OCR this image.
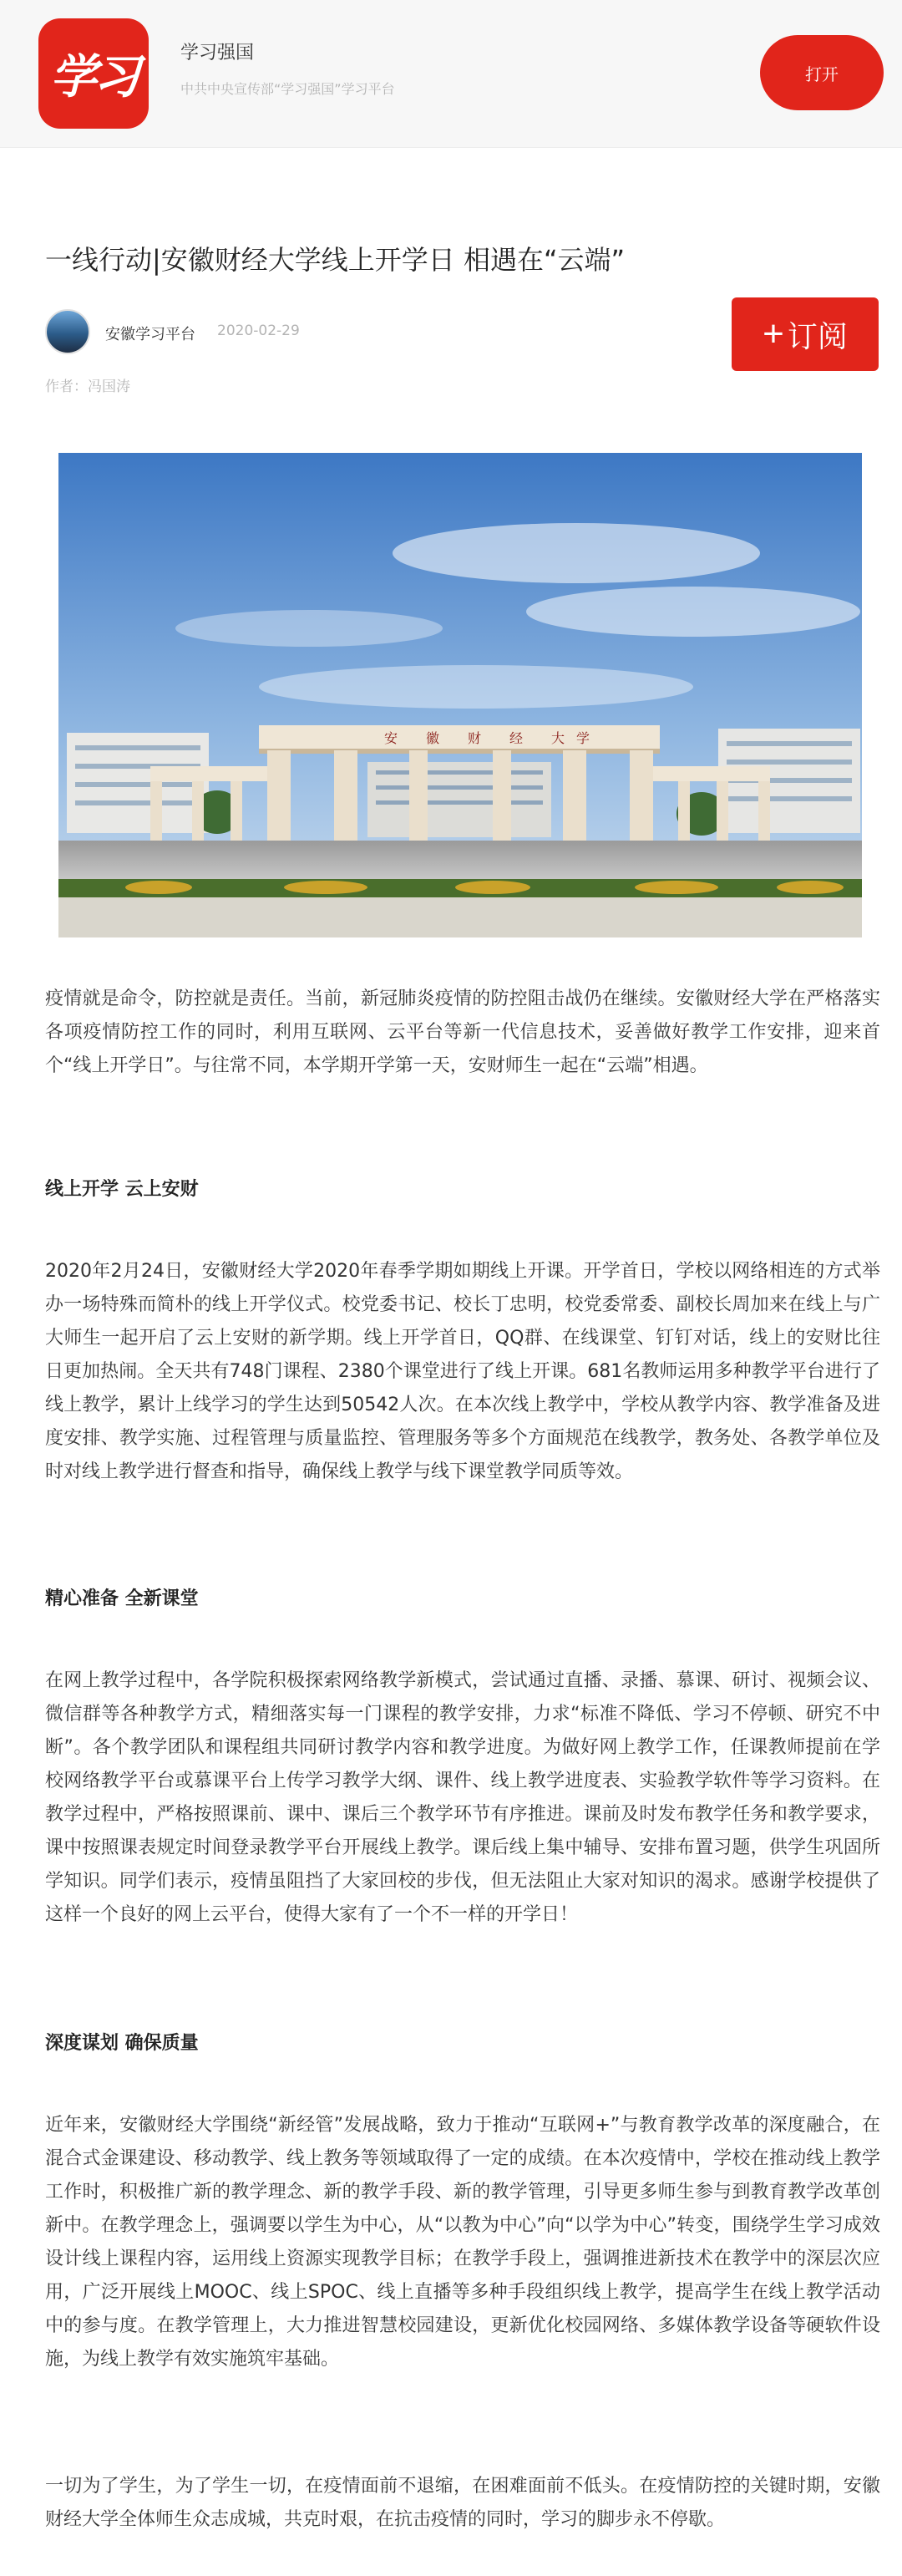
学习	学习强国
中共中央宣传部“学习强国”学习平台
打开
一线行动|安徽财经大学线上开学日 相遇在“云端”
安徽学习平台 2020-02-29	+ 订阅
作者：冯国涛
安 徽 财 经 大 学

疫情就是命令，防控就是责任。当前，新冠肺炎疫情的防控阻击战仍在继续。安徽财经大学在严格落实各项疫情防控工作的同时，利用互联网、云平台等新一代信息技术，妥善做好教学工作安排，迎来首个“线上开学日”。与往常不同，本学期开学第一天，安财师生一起在“云端”相遇。

线上开学 云上安财

2020年2月24日，安徽财经大学2020年春季学期如期线上开课。开学首日，学校以网络相连的方式举办一场特殊而简朴的线上开学仪式。校党委书记、校长丁忠明，校党委常委、副校长周加来在线上与广大师生一起开启了云上安财的新学期。线上开学首日，QQ群、在线课堂、钉钉对话，线上的安财比往日更加热闹。全天共有748门课程、2380个课堂进行了线上开课。681名教师运用多种教学平台进行了线上教学，累计上线学习的学生达到50542人次。在本次线上教学中，学校从教学内容、教学准备及进度安排、教学实施、过程管理与质量监控、管理服务等多个方面规范在线教学，教务处、各教学单位及时对线上教学进行督查和指导，确保线上教学与线下课堂教学同质等效。

精心准备 全新课堂

在网上教学过程中，各学院积极探索网络教学新模式，尝试通过直播、录播、慕课、研讨、视频会议、微信群等各种教学方式，精细落实每一门课程的教学安排，力求“标准不降低、学习不停顿、研究不中断”。各个教学团队和课程组共同研讨教学内容和教学进度。为做好网上教学工作，任课教师提前在学校网络教学平台或慕课平台上传学习教学大纲、课件、线上教学进度表、实验教学软件等学习资料。在教学过程中，严格按照课前、课中、课后三个教学环节有序推进。课前及时发布教学任务和教学要求，课中按照课表规定时间登录教学平台开展线上教学。课后线上集中辅导、安排布置习题，供学生巩固所学知识。同学们表示，疫情虽阻挡了大家回校的步伐，但无法阻止大家对知识的渴求。感谢学校提供了这样一个良好的网上云平台，使得大家有了一个不一样的开学日！

深度谋划 确保质量

近年来，安徽财经大学围绕“新经管”发展战略，致力于推动“互联网+”与教育教学改革的深度融合，在混合式金课建设、移动教学、线上教务等领域取得了一定的成绩。在本次疫情中，学校在推动线上教学工作时，积极推广新的教学理念、新的教学手段、新的教学管理，引导更多师生参与到教育教学改革创新中。在教学理念上，强调要以学生为中心，从“以教为中心”向“以学为中心”转变，围绕学生学习成效设计线上课程内容，运用线上资源实现教学目标；在教学手段上，强调推进新技术在教学中的深层次应用，广泛开展线上MOOC、线上SPOC、线上直播等多种手段组织线上教学，提高学生在线上教学活动中的参与度。在教学管理上，大力推进智慧校园建设，更新优化校园网络、多媒体教学设备等硬软件设施，为线上教学有效实施筑牢基础。

一切为了学生，为了学生一切，在疫情面前不退缩，在困难面前不低头。在疫情防控的关键时期，安徽财经大学全体师生众志成城，共克时艰，在抗击疫情的同时，学习的脚步永不停歇。
